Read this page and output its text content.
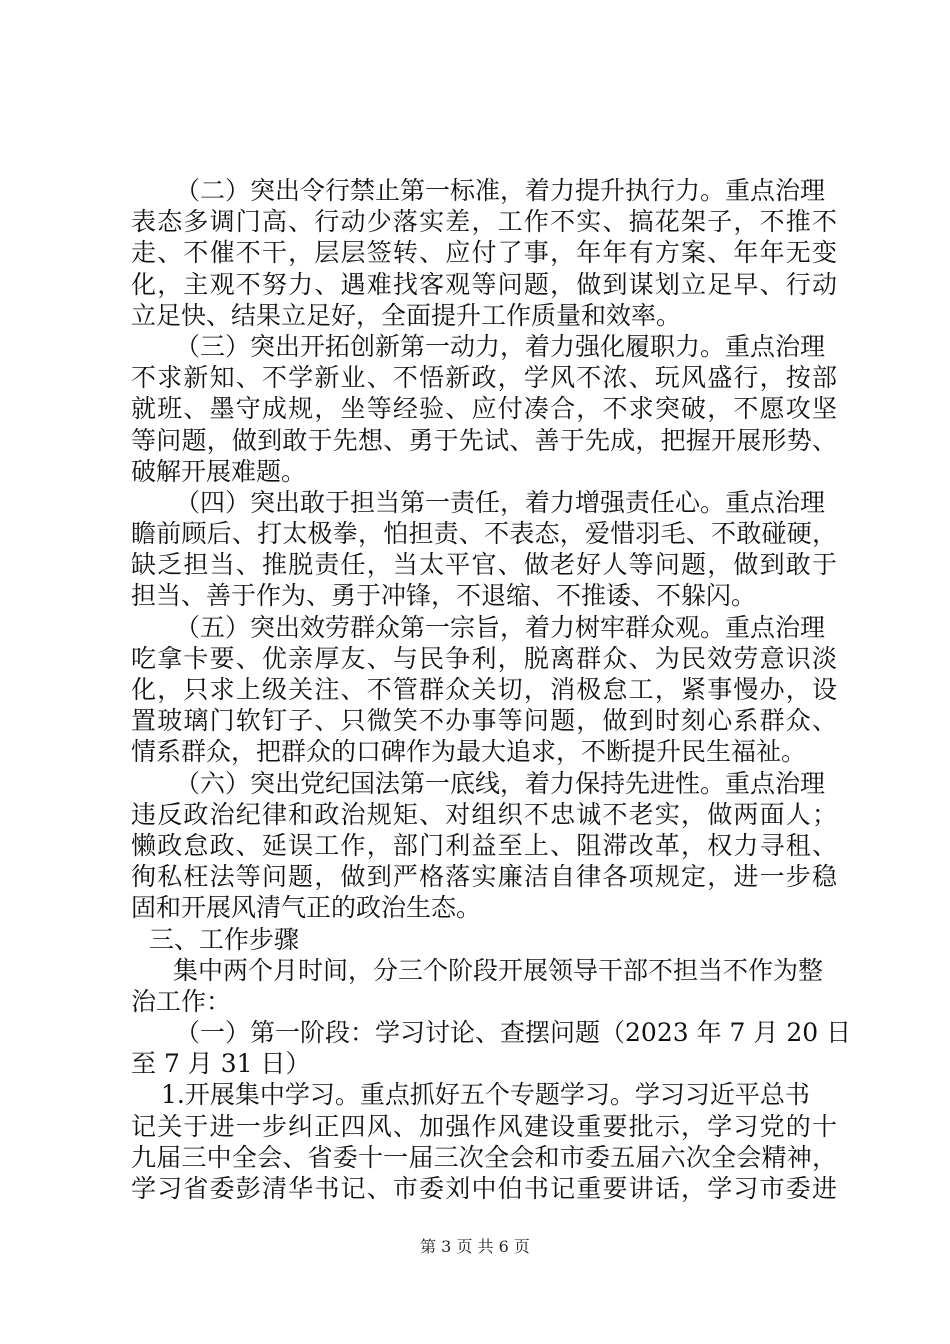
（二）突出令行禁止第一标准，着力提升执行力。重点治理
表态多调门高、行动少落实差，工作不实、搞花架子，不推不
走、不催不干，层层签转、应付了事，年年有方案、年年无变
化，主观不努力、遇难找客观等问题，做到谋划立足早、行动
立足快、结果立足好，全面提升工作质量和效率。
（三）突出开拓创新第一动力，着力强化履职力。重点治理
不求新知、不学新业、不悟新政，学风不浓、玩风盛行，按部
就班、墨守成规，坐等经验、应付凑合，不求突破，不愿攻坚
等问题，做到敢于先想、勇于先试、善于先成，把握开展形势、
破解开展难题。
（四）突出敢于担当第一责任，着力增强责任心。重点治理
瞻前顾后、打太极拳，怕担责、不表态，爱惜羽毛、不敢碰硬，
缺乏担当、推脱责任，当太平官、做老好人等问题，做到敢于
担当、善于作为、勇于冲锋，不退缩、不推诿、不躲闪。
（五）突出效劳群众第一宗旨，着力树牢群众观。重点治理
吃拿卡要、优亲厚友、与民争利，脱离群众、为民效劳意识淡
化，只求上级关注、不管群众关切，消极怠工，紧事慢办，设
置玻璃门软钉子、只微笑不办事等问题，做到时刻心系群众、
情系群众，把群众的口碑作为最大追求，不断提升民生福祉。
（六）突出党纪国法第一底线，着力保持先进性。重点治理
违反政治纪律和政治规矩、对组织不忠诚不老实，做两面人；
懒政怠政、延误工作，部门利益至上、阻滞改革，权力寻租、
徇私枉法等问题，做到严格落实廉洁自律各项规定，进一步稳
固和开展风清气正的政治生态。
三、工作步骤
集中两个月时间，分三个阶段开展领导干部不担当不作为整
治工作：
（一）第一阶段：学习讨论、查摆问题（2023 年 7 月 20 日
至 7 月 31 日）
1.开展集中学习。重点抓好五个专题学习。学习习近平总书
记关于进一步纠正四风、加强作风建设重要批示，学习党的十
九届三中全会、省委十一届三次全会和市委五届六次全会精神，
学习省委彭清华书记、市委刘中伯书记重要讲话，学习市委进
第 3 页 共 6 页
